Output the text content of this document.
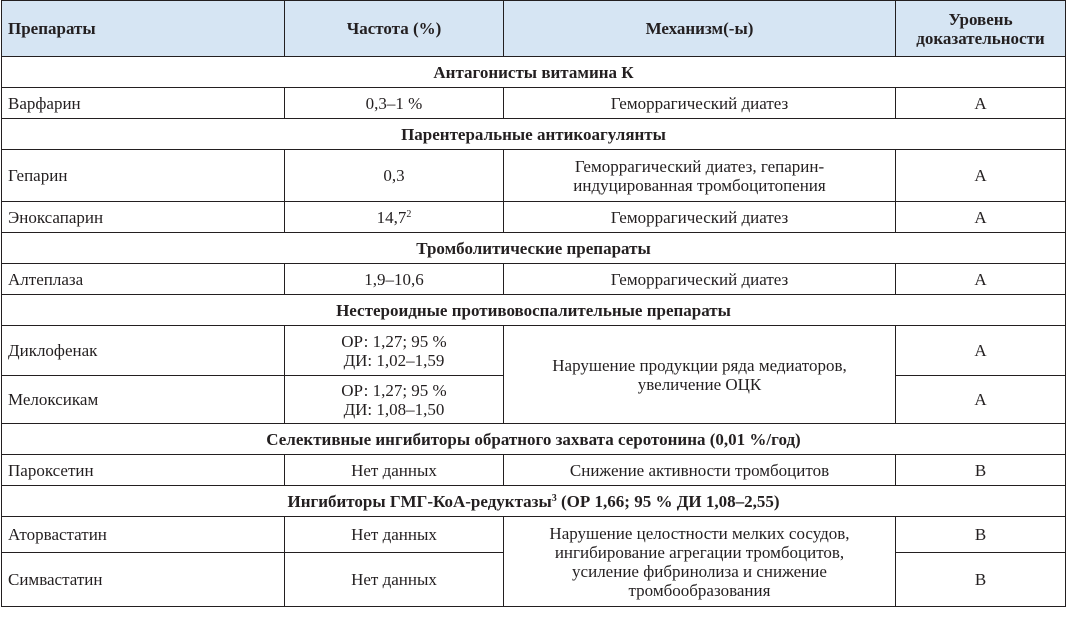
Препараты	Частота (%)	Механизм(-ы)	Уровень
доказательности

Антагонисты витамина К			
Варфарин	0,3–1 %	Геморрагический диатез	A
Парентеральные антикоагулянты			
Гепарин	0,3	Геморрагический диатез, гепарин-
индуцированная тромбоцитопения	A
Эноксапарин	14,7$^2$	Геморрагический диатез	A
Тромболитические препараты			
Алтеплаза	1,9–10,6	Геморрагический диатез	A
Нестероидные противовоспалительные препараты			
Диклофенак	ОР: 1,27; 95 %
ДИ: 1,02–1,59	Нарушение продукции ряда медиаторов,
увеличение ОЦК	A
Мелоксикам	ОР: 1,27; 95 %
ДИ: 1,08–1,50		A
Селективные ингибиторы обратного захвата серотонина (0,01 %/год)			
Пароксетин	Нет данных	Снижение активности тромбоцитов	B
Ингибиторы ГМГ-КоА-редуктазы$^3$ (ОР 1,66; 95 % ДИ 1,08–2,55)			
Аторвастатин	Нет данных	Нарушение целостности мелких сосудов,
ингибирование агрегации тромбоцитов,
усиление фибринолиза и снижение
тромбообразования	B
Симвастатин	Нет данных		B
